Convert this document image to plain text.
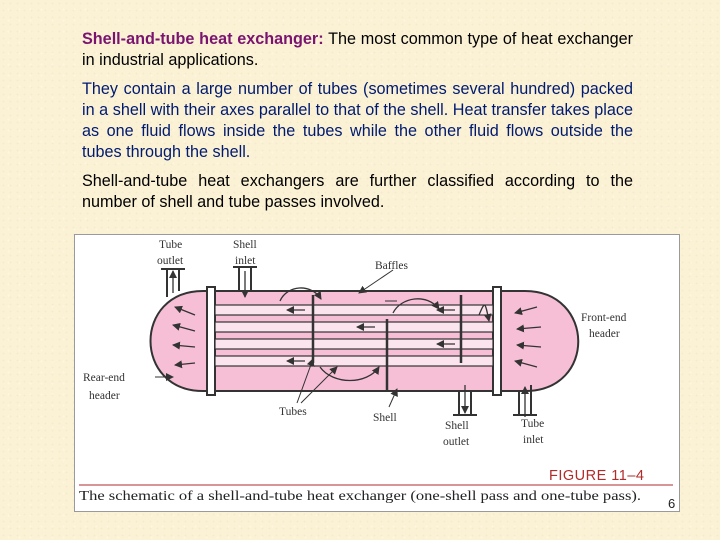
Shell-and-tube heat exchanger: The most common type of heat exchanger in industrial applications.

They contain a large number of tubes (sometimes several hundred) packed in a shell with their axes parallel to that of the shell. Heat transfer takes place as one fluid flows inside the tubes while the other fluid flows outside the tubes through the shell.

Shell-and-tube heat exchangers are further classified according to the number of shell and tube passes involved.

Tube
outlet
Shell
inlet	Baffles
Front-end
header
Rear-end
header
Tubes	Shell
Shell
outlet
Tube
inlet
FIGURE 11–4
The schematic of a shell-and-tube heat exchanger (one-shell pass and one-tube pass). 6
